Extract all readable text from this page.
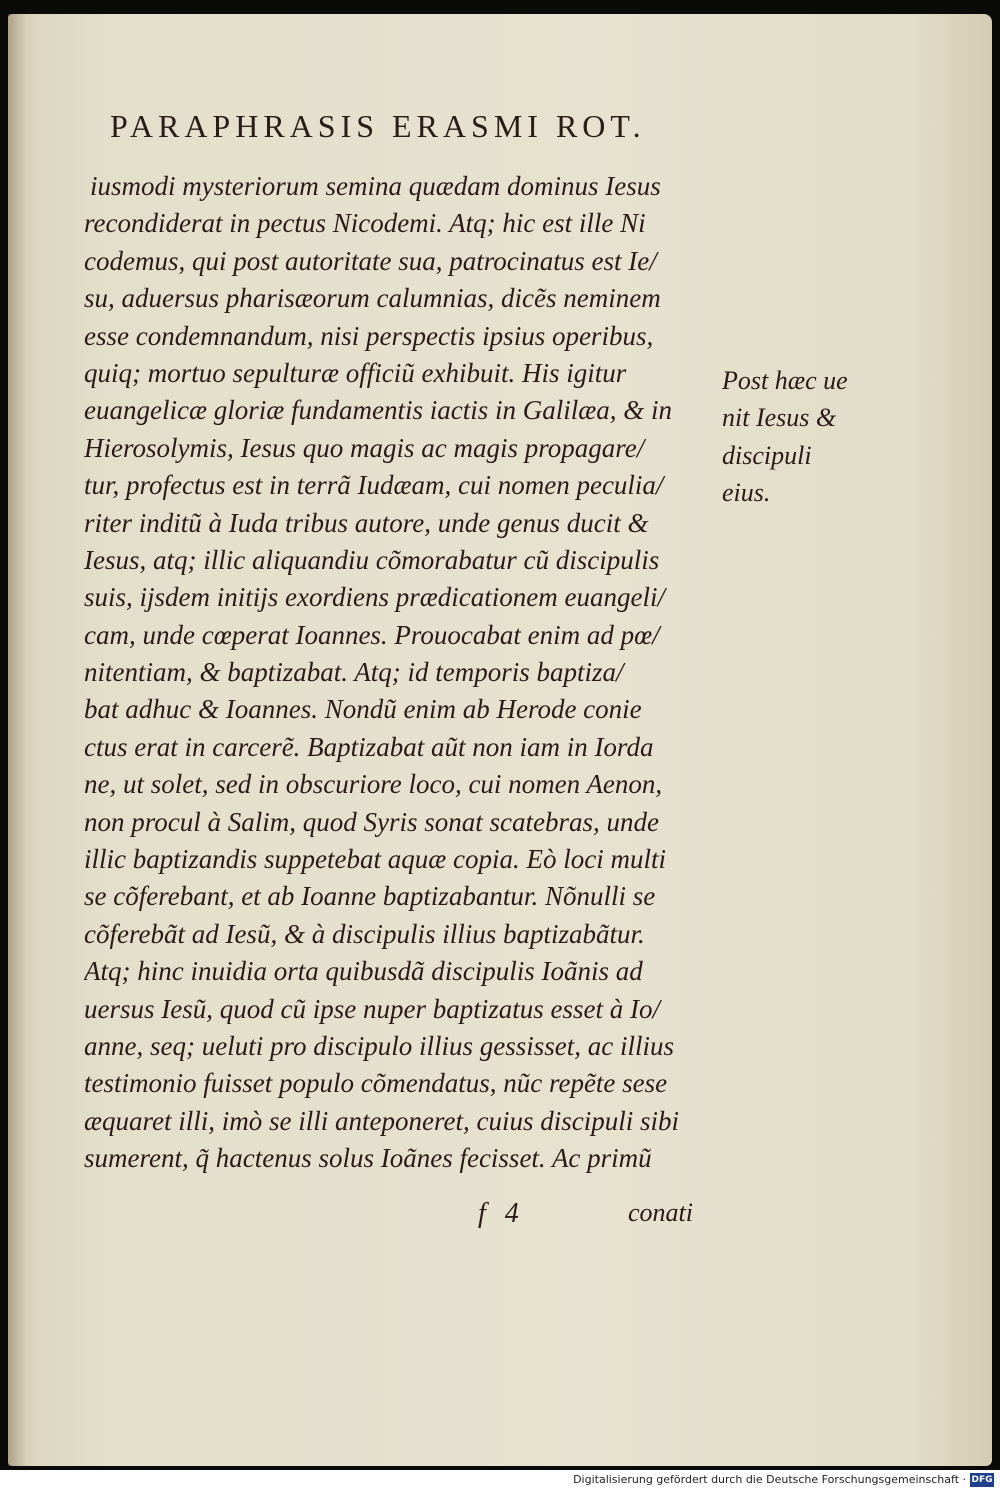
PARAPHRASIS ERASMI ROT.
iusmodi mysteriorum semina quædam dominus Iesus
recondiderat in pectus Nicodemi. Atq; hic est ille Ni
codemus, qui post autoritate sua, patrocinatus est Ie/
su, aduersus pharisæorum calumnias, dicẽs neminem
esse condemnandum, nisi perspectis ipsius operibus,
quiq; mortuo sepulturæ officiũ exhibuit. His igitur
euangelicæ gloriæ fundamentis iactis in Galilæa, & in
Hierosolymis, Iesus quo magis ac magis propagare/
tur, profectus est in terrã Iudæam, cui nomen peculia/
riter inditũ à Iuda tribus autore, unde genus ducit &
Iesus, atq; illic aliquandiu cõmorabatur cũ discipulis
suis, ijsdem initijs exordiens prædicationem euangeli/
cam, unde cœperat Ioannes. Prouocabat enim ad pœ/
nitentiam, & baptizabat. Atq; id temporis baptiza/
bat adhuc & Ioannes. Nondũ enim ab Herode conie
ctus erat in carcerẽ. Baptizabat aũt non iam in Iorda
ne, ut solet, sed in obscuriore loco, cui nomen Aenon,
non procul à Salim, quod Syris sonat scatebras, unde
illic baptizandis suppetebat aquæ copia. Eò loci multi
se cõferebant, et ab Ioanne baptizabantur. Nõnulli se
cõferebãt ad Iesũ, & à discipulis illius baptizabãtur.
Atq; hinc inuidia orta quibusdã discipulis Ioãnis ad
uersus Iesũ, quod cũ ipse nuper baptizatus esset à Io/
anne, seq; ueluti pro discipulo illius gessisset, ac illius
testimonio fuisset populo cõmendatus, nũc repẽte sese
æquaret illi, imò se illi anteponeret, cuius discipuli sibi
sumerent, q̃ hactenus solus Ioãnes fecisset. Ac primũ
Post hæc ue
nit Iesus &
discipuli
eius.
f 4	conati
Digitalisierung gefördert durch die Deutsche Forschungsgemeinschaft · DFG
